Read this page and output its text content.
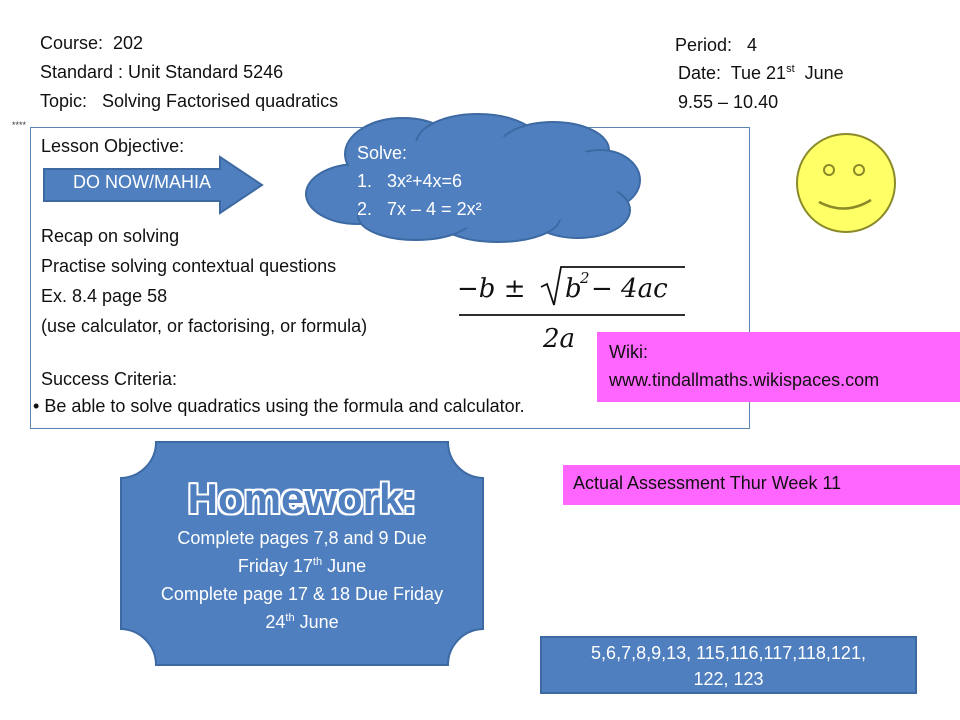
Course:  202
Standard : Unit Standard 5246
Topic:   Solving Factorised quadratics
Period:   4
Date:  Tue 21st  June
9.55 – 10.40
****
Lesson Objective:
DO NOW/MAHIA
Recap on solving
Practise solving contextual questions
Ex. 8.4 page 58
(use calculator, or factorising, or formula)
Success Criteria:
• Be able to solve quadratics using the formula and calculator.
Solve:
1.   3x²+4x=6
2.   7x – 4 = 2x²
−b ± b
2 − 4ac
2a Wiki:
www.tindallmaths.wikispaces.com
Actual Assessment Thur Week 11
Homework:
Complete pages 7,8 and 9 Due
Friday 17th June
Complete page 17 & 18 Due Friday
24th June
5,6,7,8,9,13, 115,116,117,118,121,
122, 123
